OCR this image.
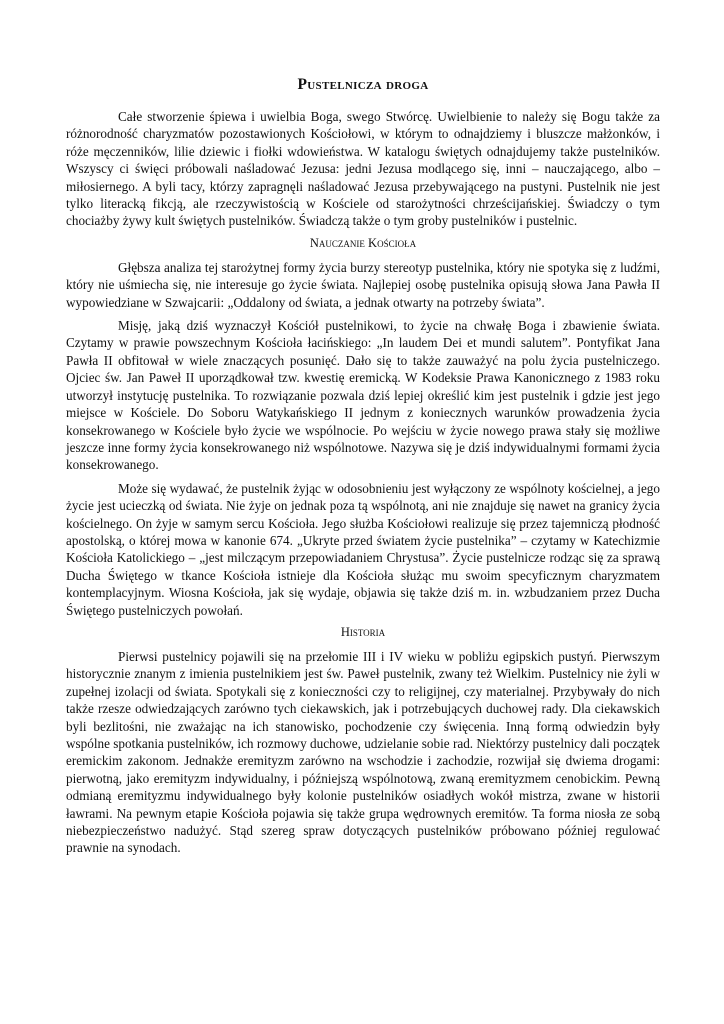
Pustelnicza droga

Całe stworzenie śpiewa i uwielbia Boga, swego Stwórcę. Uwielbienie to należy się Bogu także za różnorodność charyzmatów pozostawionych Kościołowi, w którym to odnajdziemy i bluszcze małżonków, i róże męczenników, lilie dziewic i fiołki wdowieństwa. W katalogu świętych odnajdujemy także pustelników. Wszyscy ci święci próbowali naśladować Jezusa: jedni Jezusa modlącego się, inni – nauczającego, albo – miłosiernego. A byli tacy, którzy zapragnęli naśladować Jezusa przebywającego na pustyni. Pustelnik nie jest tylko literacką fikcją, ale rzeczywistością w Kościele od starożytności chrześcijańskiej. Świadczy o tym chociażby żywy kult świętych pustelników. Świadczą także o tym groby pustelników i pustelnic.

Nauczanie Kościoła

Głębsza analiza tej starożytnej formy życia burzy stereotyp pustelnika, który nie spotyka się z ludźmi, który nie uśmiecha się, nie interesuje go życie świata. Najlepiej osobę pustelnika opisują słowa Jana Pawła II wypowiedziane w Szwajcarii: „Oddalony od świata, a jednak otwarty na potrzeby świata”.

Misję, jaką dziś wyznaczył Kościół pustelnikowi, to życie na chwałę Boga i zbawienie świata. Czytamy w prawie powszechnym Kościoła łacińskiego: „In laudem Dei et mundi salutem”. Pontyfikat Jana Pawła II obfitował w wiele znaczących posunięć. Dało się to także zauważyć na polu życia pustelniczego. Ojciec św. Jan Paweł II uporządkował tzw. kwestię eremicką. W Kodeksie Prawa Kanonicznego z 1983 roku utworzył instytucję pustelnika. To rozwiązanie pozwala dziś lepiej określić kim jest pustelnik i gdzie jest jego miejsce w Kościele. Do Soboru Watykańskiego II jednym z koniecznych warunków prowadzenia życia konsekrowanego w Kościele było życie we wspólnocie. Po wejściu w życie nowego prawa stały się możliwe jeszcze inne formy życia konsekrowanego niż wspólnotowe. Nazywa się je dziś indywidualnymi formami życia konsekrowanego.

Może się wydawać, że pustelnik żyjąc w odosobnieniu jest wyłączony ze wspólnoty kościelnej, a jego życie jest ucieczką od świata. Nie żyje on jednak poza tą wspólnotą, ani nie znajduje się nawet na granicy życia kościelnego. On żyje w samym sercu Kościoła. Jego służba Kościołowi realizuje się przez tajemniczą płodność apostolską, o której mowa w kanonie 674. „Ukryte przed światem życie pustelnika” – czytamy w Katechizmie Kościoła Katolickiego – „jest milczącym przepowiadaniem Chrystusa”. Życie pustelnicze rodząc się za sprawą Ducha Świętego w tkance Kościoła istnieje dla Kościoła służąc mu swoim specyficznym charyzmatem kontemplacyjnym. Wiosna Kościoła, jak się wydaje, objawia się także dziś m. in. wzbudzaniem przez Ducha Świętego pustelniczych powołań.

Historia

Pierwsi pustelnicy pojawili się na przełomie III i IV wieku w pobliżu egipskich pustyń. Pierwszym historycznie znanym z imienia pustelnikiem jest św. Paweł pustelnik, zwany też Wielkim. Pustelnicy nie żyli w zupełnej izolacji od świata. Spotykali się z konieczności czy to religijnej, czy materialnej. Przybywały do nich także rzesze odwiedzających zarówno tych ciekawskich, jak i potrzebujących duchowej rady. Dla ciekawskich byli bezlitośni, nie zważając na ich stanowisko, pochodzenie czy święcenia. Inną formą odwiedzin były wspólne spotkania pustelników, ich rozmowy duchowe, udzielanie sobie rad. Niektórzy pustelnicy dali początek eremickim zakonom. Jednakże eremityzm zarówno na wschodzie i zachodzie, rozwijał się dwiema drogami: pierwotną, jako eremityzm indywidualny, i późniejszą wspólnotową, zwaną eremityzmem cenobickim. Pewną odmianą eremityzmu indywidualnego były kolonie pustelników osiadłych wokół mistrza, zwane w historii ławrami. Na pewnym etapie Kościoła pojawia się także grupa wędrownych eremitów. Ta forma niosła ze sobą niebezpieczeństwo nadużyć. Stąd szereg spraw dotyczących pustelników próbowano później regulować prawnie na synodach.
